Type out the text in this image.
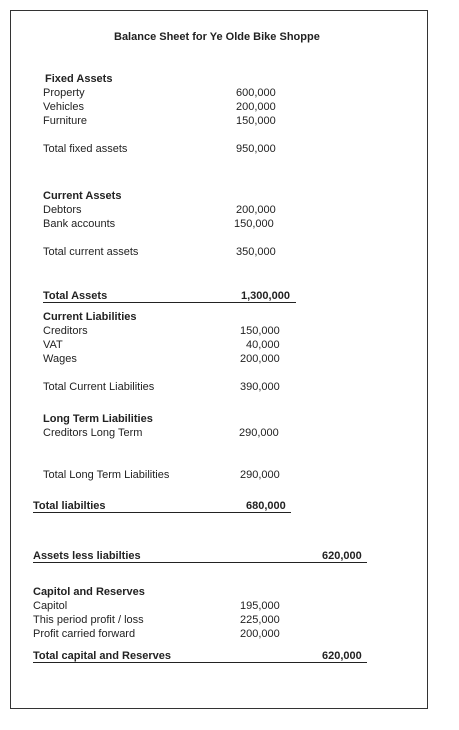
Balance Sheet for Ye Olde Bike Shoppe
Fixed Assets
Property	600,000
Vehicles	200,000
Furniture	150,000
Total fixed assets	950,000
Current Assets
Debtors	200,000
Bank accounts	150,000
Total current assets	350,000
Total Assets	1,300,000
Current Liabilities
Creditors	150,000
VAT	40,000
Wages	200,000
Total Current Liabilities	390,000
Long Term Liabilities
Creditors Long Term	290,000
Total Long Term Liabilities	290,000
Total liabilties	680,000
Assets less liabilties	620,000
Capitol and Reserves
Capitol	195,000
This period profit / loss	225,000
Profit carried forward	200,000
Total capital and Reserves	620,000
